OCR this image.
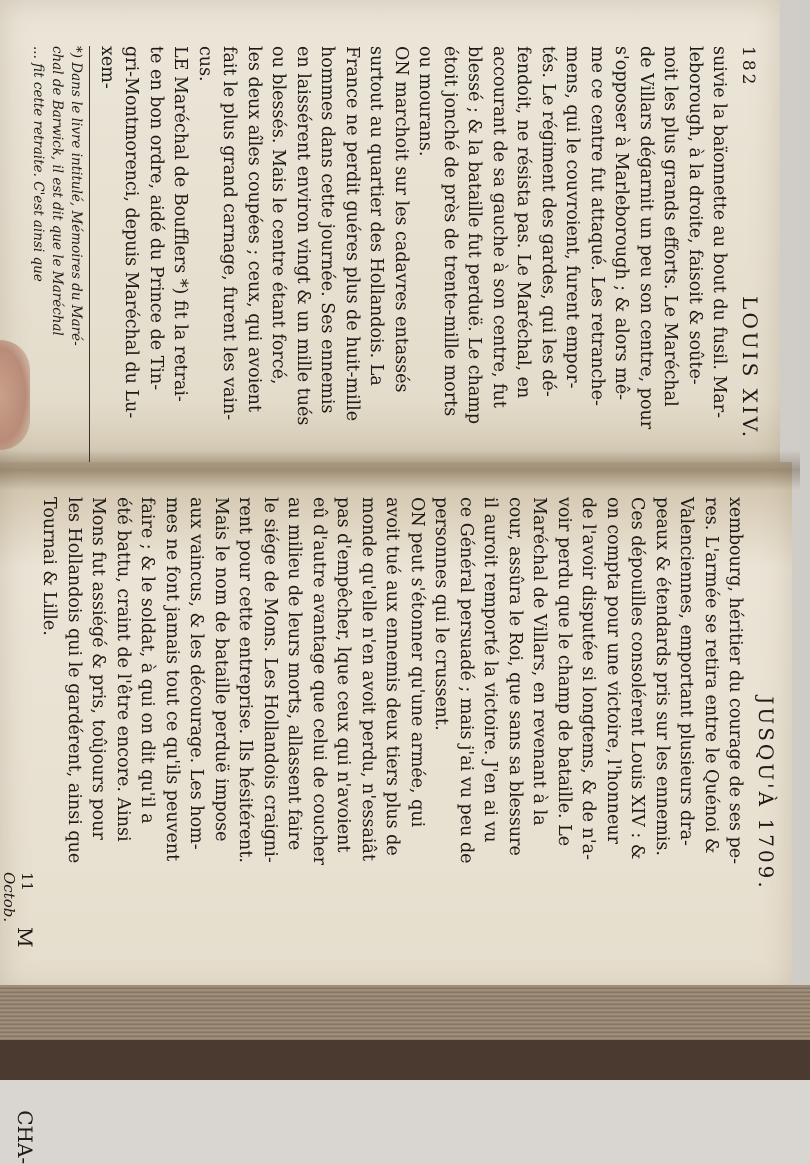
182  LOUIS XIV.
suivie la baïonnette au bout du fusil. Mar-
leborough, à la droite, faisoit & soûte-
noit les plus grands efforts. Le Maréchal
de Villars dégarnit un peu son centre, pour
s'opposer à Marleborough ; & alors mê-
me ce centre fut attaqué. Les retranche-
mens, qui le couvroient, furent empor-
tés. Le régiment des gardes, qui les dé-
fendoit, ne résista pas. Le Maréchal, en
accourant de sa gauche à son centre, fut
blessé ; & la bataille fut perduë. Le champ
étoit jonché de près de trente-mille morts
ou mourans.
ON marchoit sur les cadavres entassés
surtout au quartier des Hollandois. La
France ne perdit guéres plus de huit-mille
hommes dans cette journée. Ses ennemis
en laissérent environ vingt & un mille tués
ou blessés. Mais le centre étant forcé,
les deux aîles coupées ; ceux, qui avoient
fait le plus grand carnage, furent les vain-
cus.
LE Maréchal de Boufflers *) fit la retrai-
te en bon ordre, aidé du Prince de Tin-
gri-Montmorenci, depuis Maréchal du Lu-
xem-
*) Dans le livre intitulé, Mémoires du Maré-
chal de Barwick, il est dit que le Maréchal
... fit cette retraite. C'est ainsi que
JUSQU'À 1709.
xembourg, héritier du courage de ses pe-
res. L'armée se retira entre le Quénoi &
Valenciennes, emportant plusieurs dra-
peaux & étendards pris sur les ennemis.
Ces dépouilles consolérent Louis XIV : &
on compta pour une victoire, l'honneur
de l'avoir disputée si longtems, & de n'a-
voir perdu que le champ de bataille. Le
Maréchal de Villars, en revenant à la
cour, assûra le Roi, que sans sa blessure
il auroit remporté la victoire. J'en ai vu
ce Général persuadé ; mais j'ai vu peu de
personnes qui le crussent.
ON peut s'étonner qu'une armée, qui
avoit tué aux ennemis deux tiers plus de
monde qu'elle n'en avoit perdu, n'essaiât
pas d'empêcher, lque ceux qui n'avoient
eû d'autre avantage que celui de coucher
au milieu de leurs morts, allassent faire
le siége de Mons. Les Hollandois craigni-
rent pour cette entreprise. Ils hésitérent.
Mais le nom de bataille perduë impose
aux vaincus, & les décourage. Les hom-
mes ne font jamais tout ce qu'ils peuvent
faire ; & le soldat, à qui on dit qu'il a
été battu, craint de l'être encore. Ainsi
Mons fut assiégé & pris, toûjours pour
les Hollandois qui le gardérent, ainsi que
Tournai & Lille.
M  CHA-
11
Octob.
